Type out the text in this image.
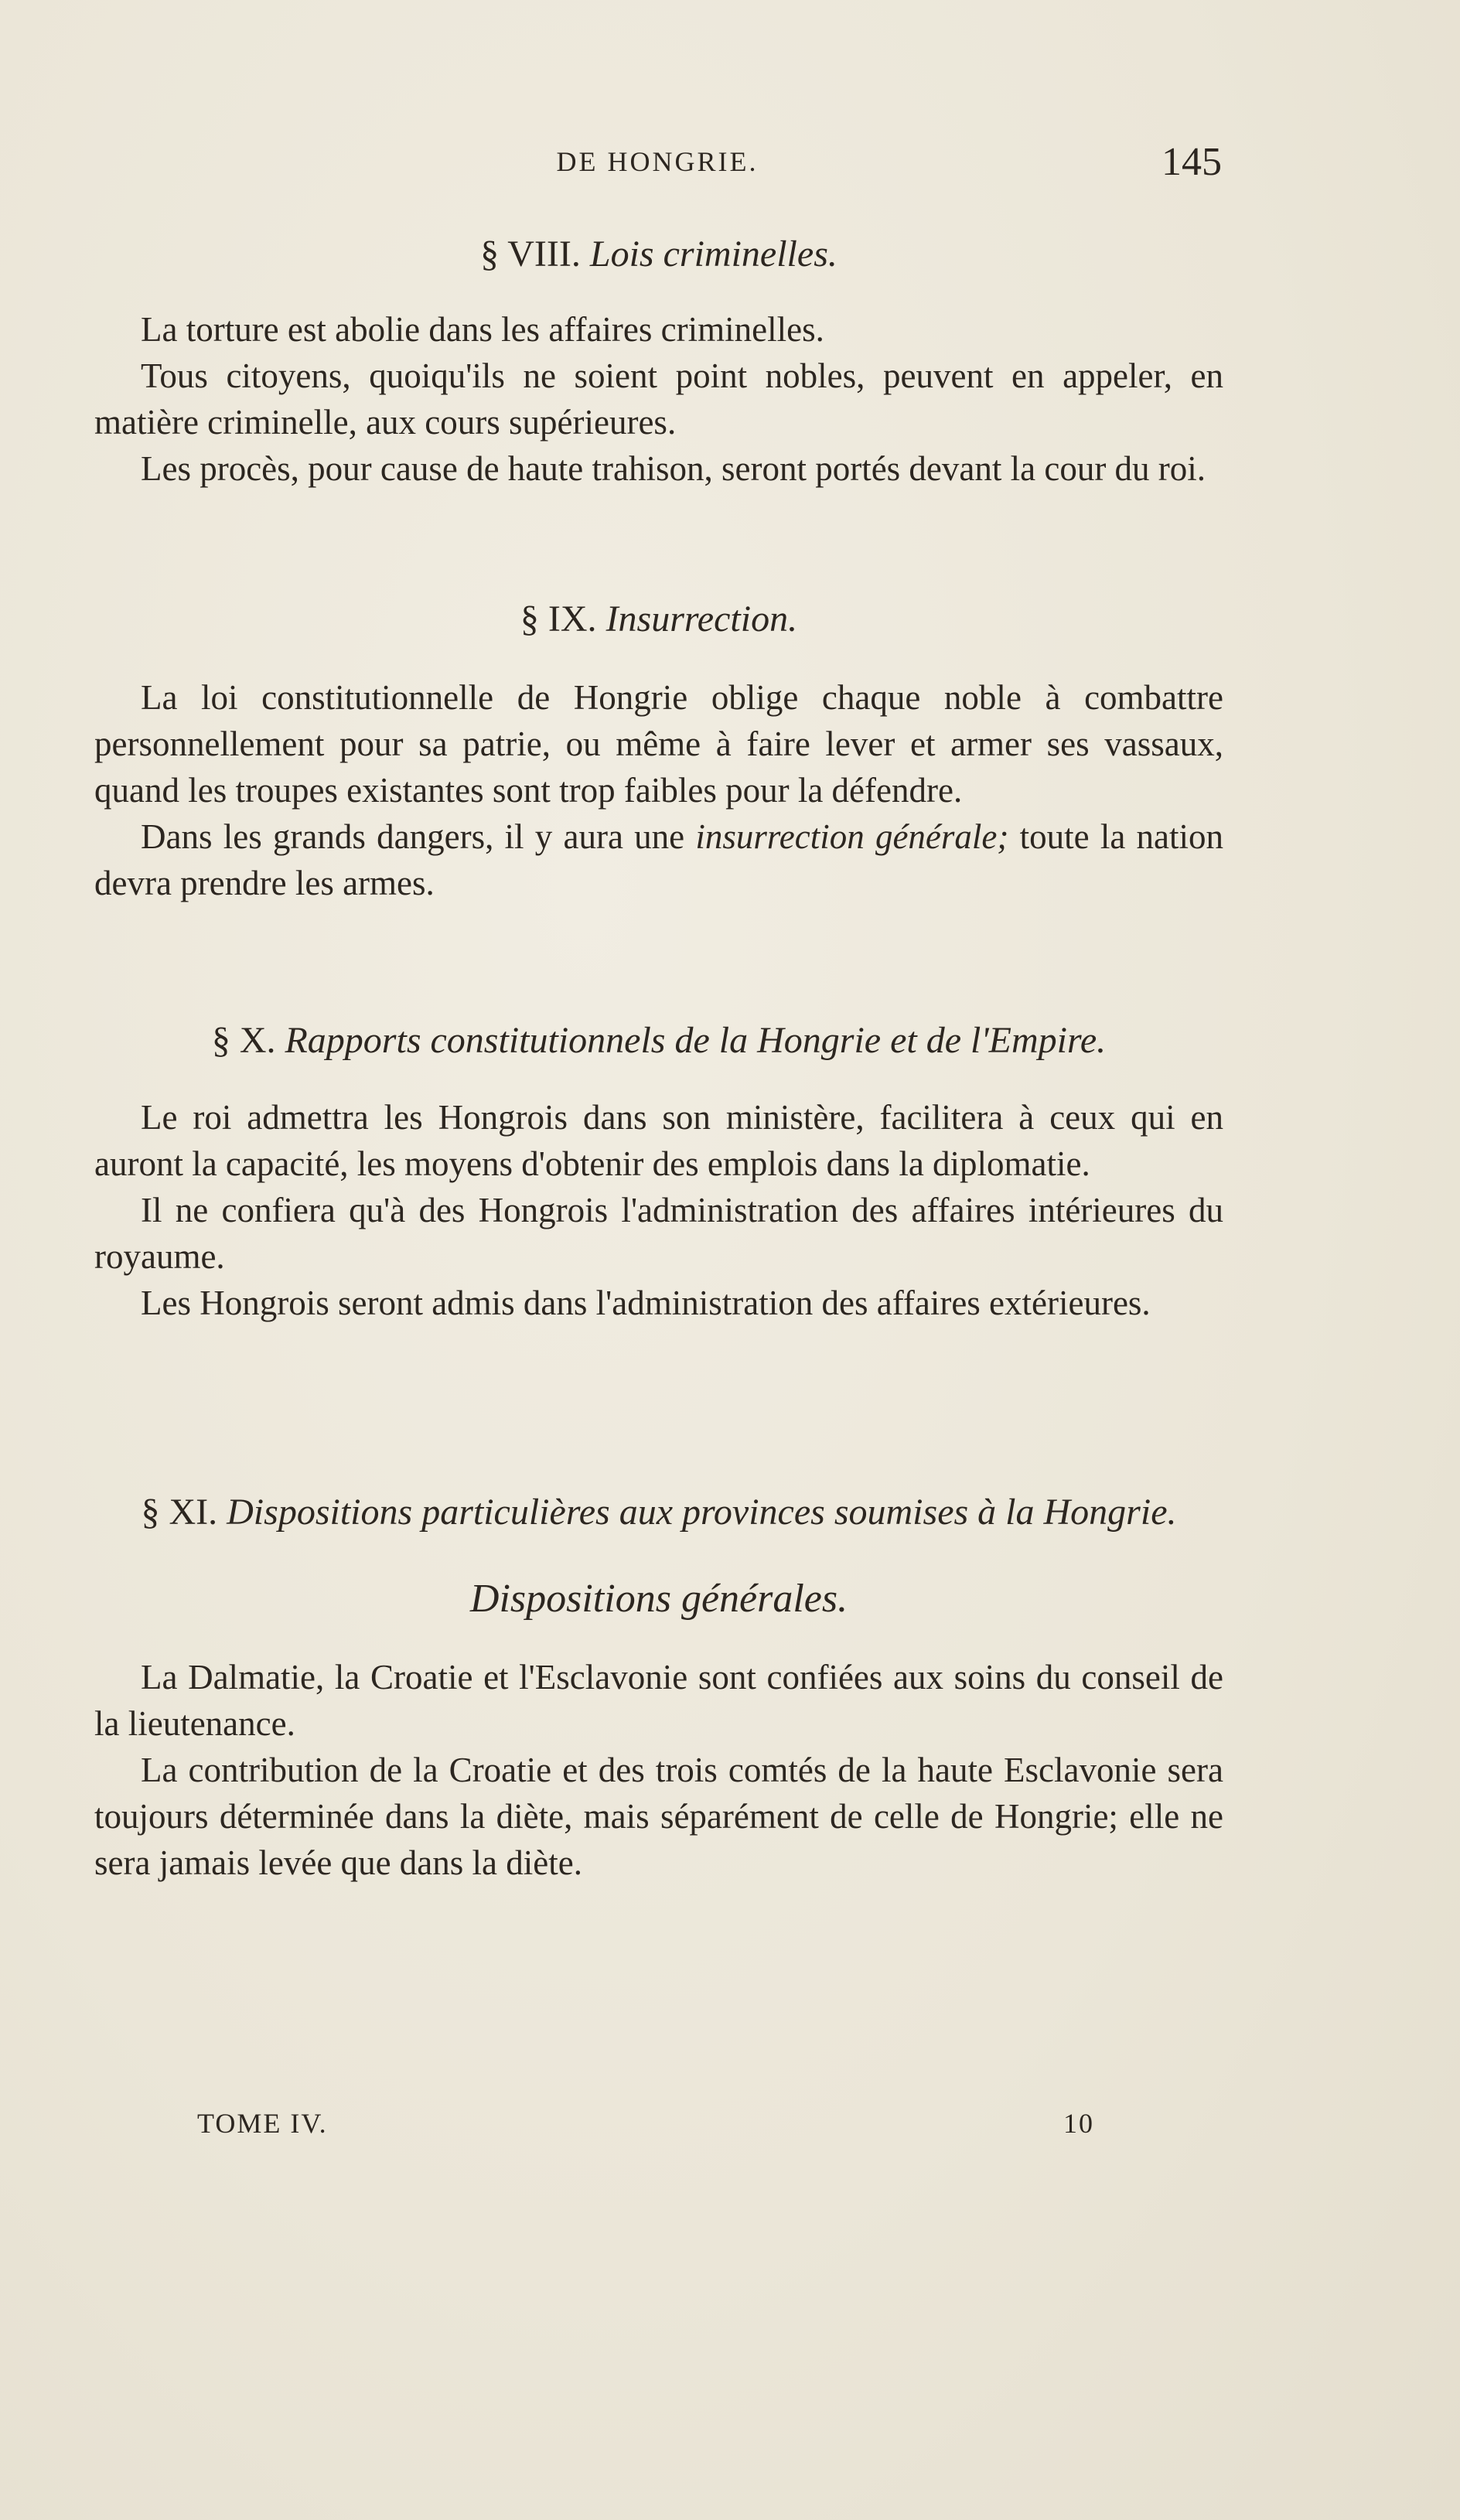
DE HONGRIE.	145
§ VIII. Lois criminelles.

La torture est abolie dans les affaires criminelles.

Tous citoyens, quoiqu'ils ne soient point nobles, peuvent en appeler, en matière criminelle, aux cours supérieures.

Les procès, pour cause de haute trahison, seront portés devant la cour du roi.

§ IX. Insurrection.

La loi constitutionnelle de Hongrie oblige chaque noble à combattre personnellement pour sa patrie, ou même à faire lever et armer ses vassaux, quand les troupes existantes sont trop faibles pour la défendre.

Dans les grands dangers, il y aura une insurrection générale; toute la nation devra prendre les armes.

§ X. Rapports constitutionnels de la Hongrie et de l'Empire.

Le roi admettra les Hongrois dans son ministère, facilitera à ceux qui en auront la capacité, les moyens d'obtenir des emplois dans la diplomatie.

Il ne confiera qu'à des Hongrois l'administration des affaires intérieures du royaume.

Les Hongrois seront admis dans l'administration des affaires extérieures.

§ XI. Dispositions particulières aux provinces soumises à la Hongrie.
Dispositions générales.

La Dalmatie, la Croatie et l'Esclavonie sont confiées aux soins du conseil de la lieutenance.

La contribution de la Croatie et des trois comtés de la haute Esclavonie sera toujours déterminée dans la diète, mais séparément de celle de Hongrie; elle ne sera jamais levée que dans la diète.

TOME IV.	10
